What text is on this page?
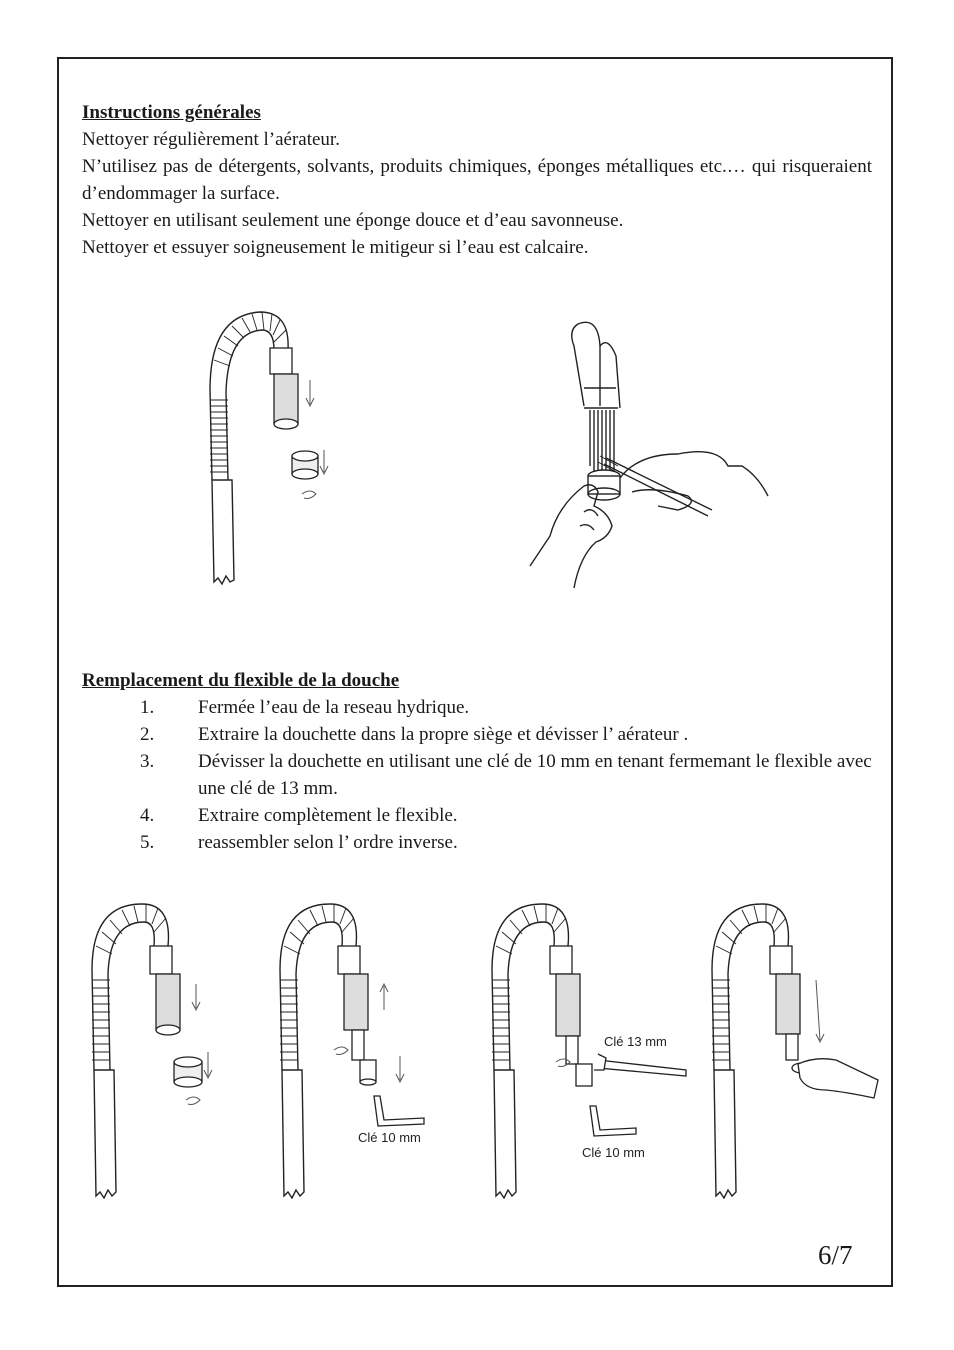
Instructions générales
Nettoyer régulièrement l’aérateur.
N’utilisez pas de détergents, solvants, produits chimiques, éponges métalliques etc.… qui risqueraient d’endommager la surface.
Nettoyer en utilisant seulement une éponge douce et d’eau savonneuse.
Nettoyer et essuyer soigneusement le mitigeur si l’eau est calcaire.
Remplacement du flexible de la douche
1.	Fermée l’eau de la reseau hydrique.
2.	Extraire la douchette dans la propre siège et dévisser l’ aérateur .
3.	Dévisser la douchette en utilisant une clé de 10 mm en tenant fermemant le flexible avec une clé de 13 mm.
4.	Extraire complètement le flexible.
5.	reassembler selon l’ ordre inverse.
Clé 10 mm
Clé 13 mm
Clé 10 mm
6/7
